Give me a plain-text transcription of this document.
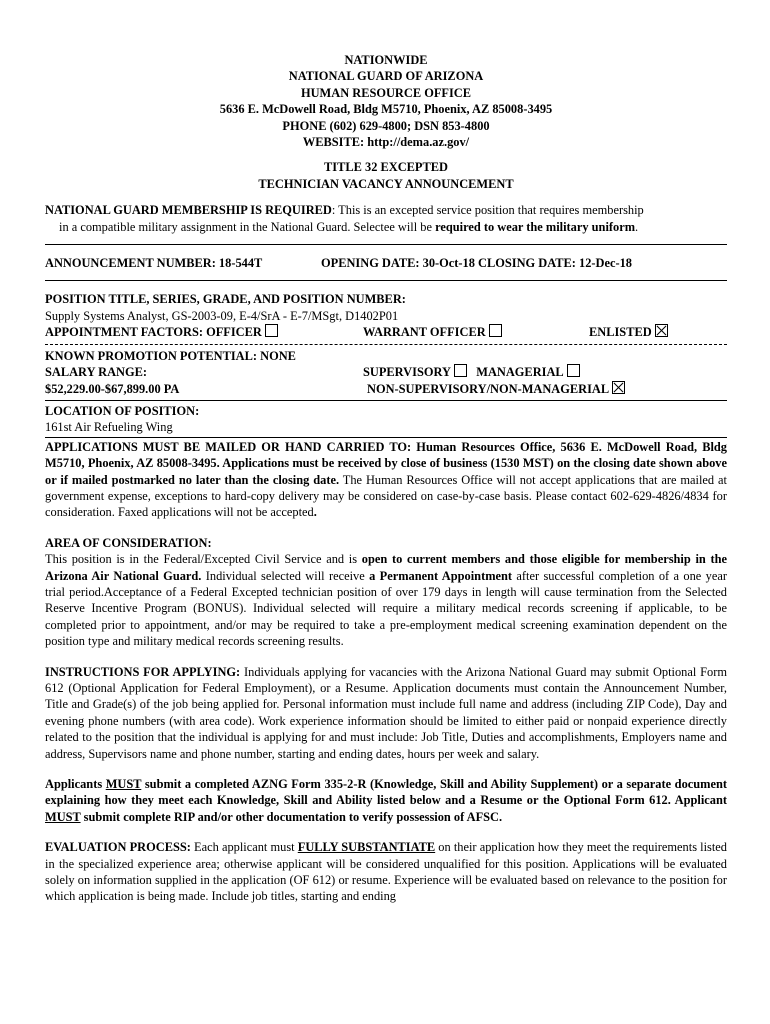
NATIONWIDE
NATIONAL GUARD OF ARIZONA
HUMAN RESOURCE OFFICE
5636 E. McDowell Road, Bldg M5710, Phoenix, AZ 85008-3495
PHONE (602) 629-4800; DSN 853-4800
WEBSITE: http://dema.az.gov/
TITLE 32 EXCEPTED
TECHNICIAN VACANCY ANNOUNCEMENT
NATIONAL GUARD MEMBERSHIP IS REQUIRED: This is an excepted service position that requires membership
in a compatible military assignment in the National Guard. Selectee will be required to wear the military uniform.
ANNOUNCEMENT NUMBER: 18-544T	OPENING DATE: 30-Oct-18 CLOSING DATE: 12-Dec-18
POSITION TITLE, SERIES, GRADE, AND POSITION NUMBER:
Supply Systems Analyst, GS-2003-09, E-4/SrA - E-7/MSgt, D1402P01
APPOINTMENT FACTORS: OFFICER	WARRANT OFFICER	ENLISTED
KNOWN PROMOTION POTENTIAL: NONE
SALARY RANGE:
$52,229.00-$67,899.00 PA
SUPERVISORY MANAGERIAL
NON-SUPERVISORY/NON-MANAGERIAL
LOCATION OF POSITION:
161st Air Refueling Wing
APPLICATIONS MUST BE MAILED OR HAND CARRIED TO: Human Resources Office, 5636 E. McDowell Road, Bldg M5710, Phoenix, AZ 85008-3495. Applications must be received by close of business (1530 MST) on the closing date shown above or if mailed postmarked no later than the closing date. The Human Resources Office will not accept applications that are mailed at government expense, exceptions to hard-copy delivery may be considered on case-by-case basis. Please contact 602-629-4826/4834 for consideration. Faxed applications will not be accepted.
AREA OF CONSIDERATION:
This position is in the Federal/Excepted Civil Service and is open to current members and those eligible for membership in the Arizona Air National Guard. Individual selected will receive a Permanent Appointment after successful completion of a one year trial period.Acceptance of a Federal Excepted technician position of over 179 days in length will cause termination from the Selected Reserve Incentive Program (BONUS). Individual selected will require a military medical records screening if applicable, to be completed prior to appointment, and/or may be required to take a pre-employment medical screening examination dependent on the position type and military medical records screening results.
INSTRUCTIONS FOR APPLYING: Individuals applying for vacancies with the Arizona National Guard may submit Optional Form 612 (Optional Application for Federal Employment), or a Resume. Application documents must contain the Announcement Number, Title and Grade(s) of the job being applied for. Personal information must include full name and address (including ZIP Code), Day and evening phone numbers (with area code). Work experience information should be limited to either paid or nonpaid experience directly related to the position that the individual is applying for and must include: Job Title, Duties and accomplishments, Employers name and address, Supervisors name and phone number, starting and ending dates, hours per week and salary.
Applicants MUST submit a completed AZNG Form 335-2-R (Knowledge, Skill and Ability Supplement) or a separate document explaining how they meet each Knowledge, Skill and Ability listed below and a Resume or the Optional Form 612. Applicant MUST submit complete RIP and/or other documentation to verify possession of AFSC.
EVALUATION PROCESS: Each applicant must FULLY SUBSTANTIATE on their application how they meet the requirements listed in the specialized experience area; otherwise applicant will be considered unqualified for this position. Applications will be evaluated solely on information supplied in the application (OF 612) or resume. Experience will be evaluated based on relevance to the position for which application is being made. Include job titles, starting and ending
